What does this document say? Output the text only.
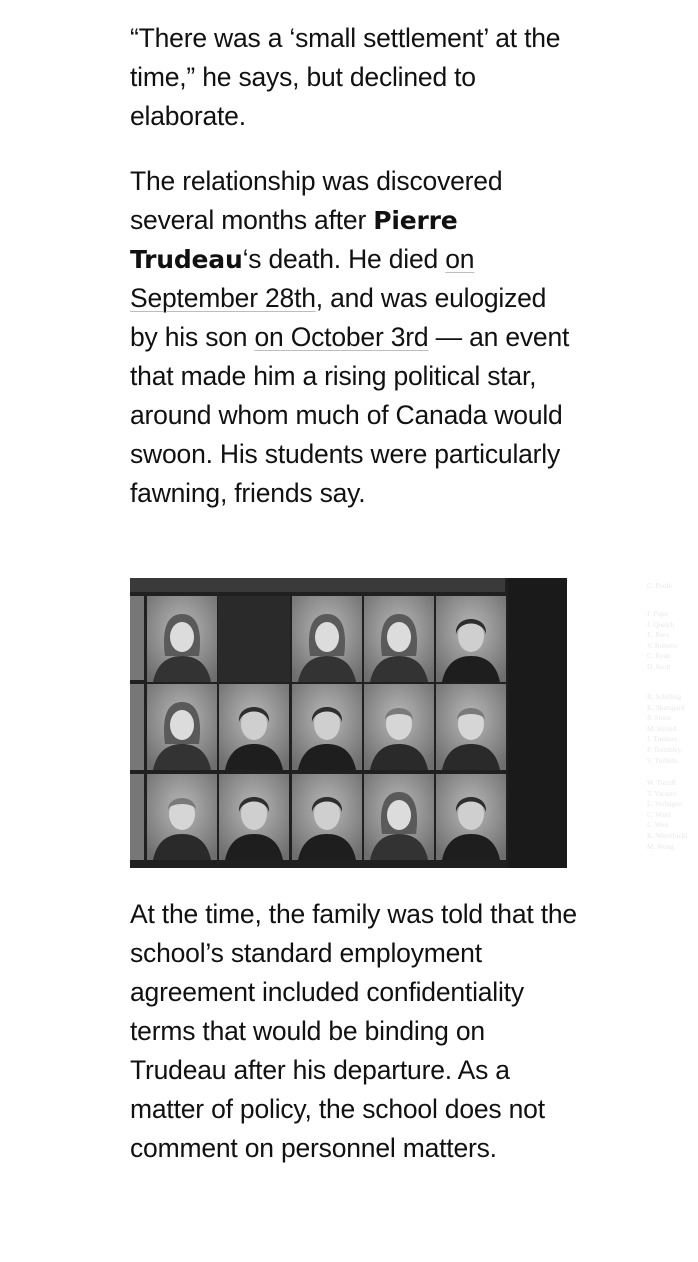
“There was a ‘small settlement’ at the time,” he says, but declined to elaborate.

The relationship was discovered several months after Pierre Trudeau‘s death. He died on September 28th, and was eulogized by his son on October 3rd — an event that made him a rising political star, around whom much of Canada would swoon. His students were particularly fawning, friends say.

At the time, the family was told that the school’s standard employment agreement included confidentiality terms that would be binding on Trudeau after his departure. As a matter of policy, the school does not comment on personnel matters.

C. Poole
J. Pope
J. Quelch
J.. Rees
V. Roberts
C. Ryan
D. Scott
R. Schilling
K. Skarsgard
S. Stone
M. Stroud
J. Trudeau
P. Trembley
S. Turbide
W. Turriff
T. Vacarro
L. Verhagen
C. Ward
L. Weir
K. Wierzbicki
M. Wong
